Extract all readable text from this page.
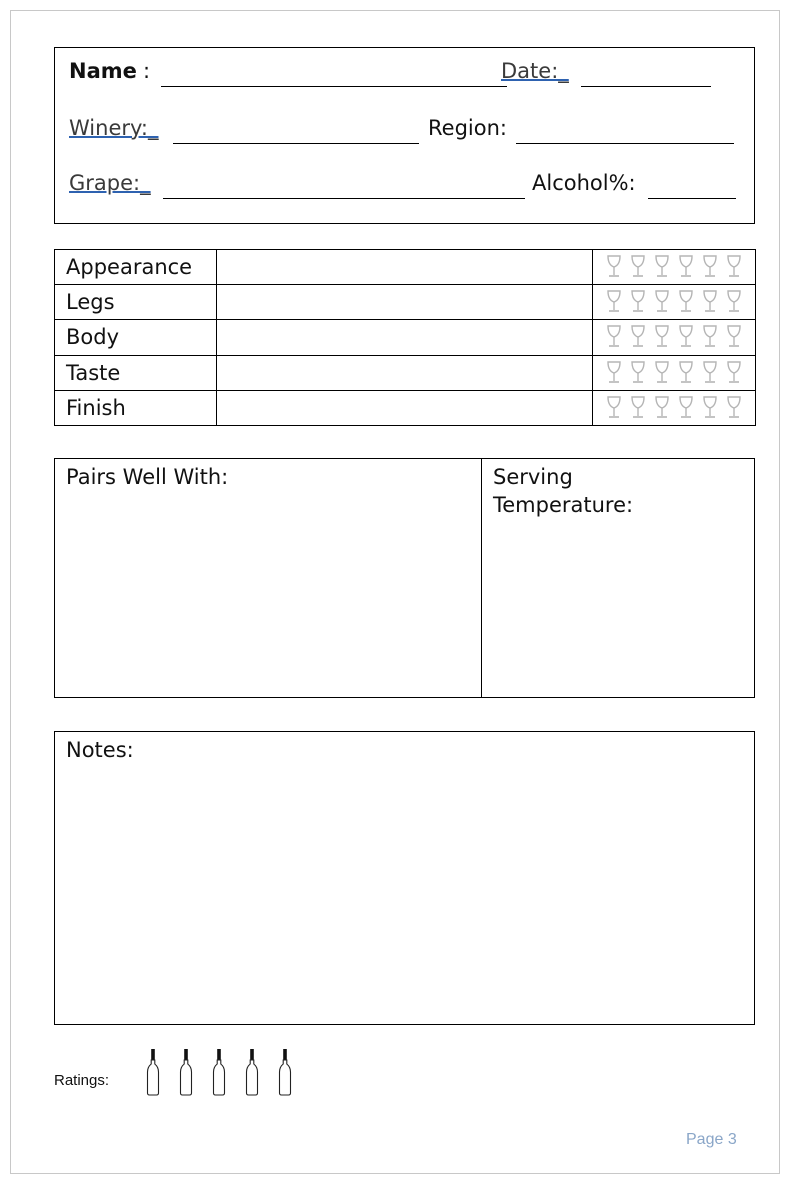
Name :	Date:_
Winery:_	Region:
Grape:_	Alcohol%:
Appearance		

Legs		

Body		

Taste		

Finish		
Pairs Well With:	Serving
Temperature:
Notes:
Ratings:
Page 3
